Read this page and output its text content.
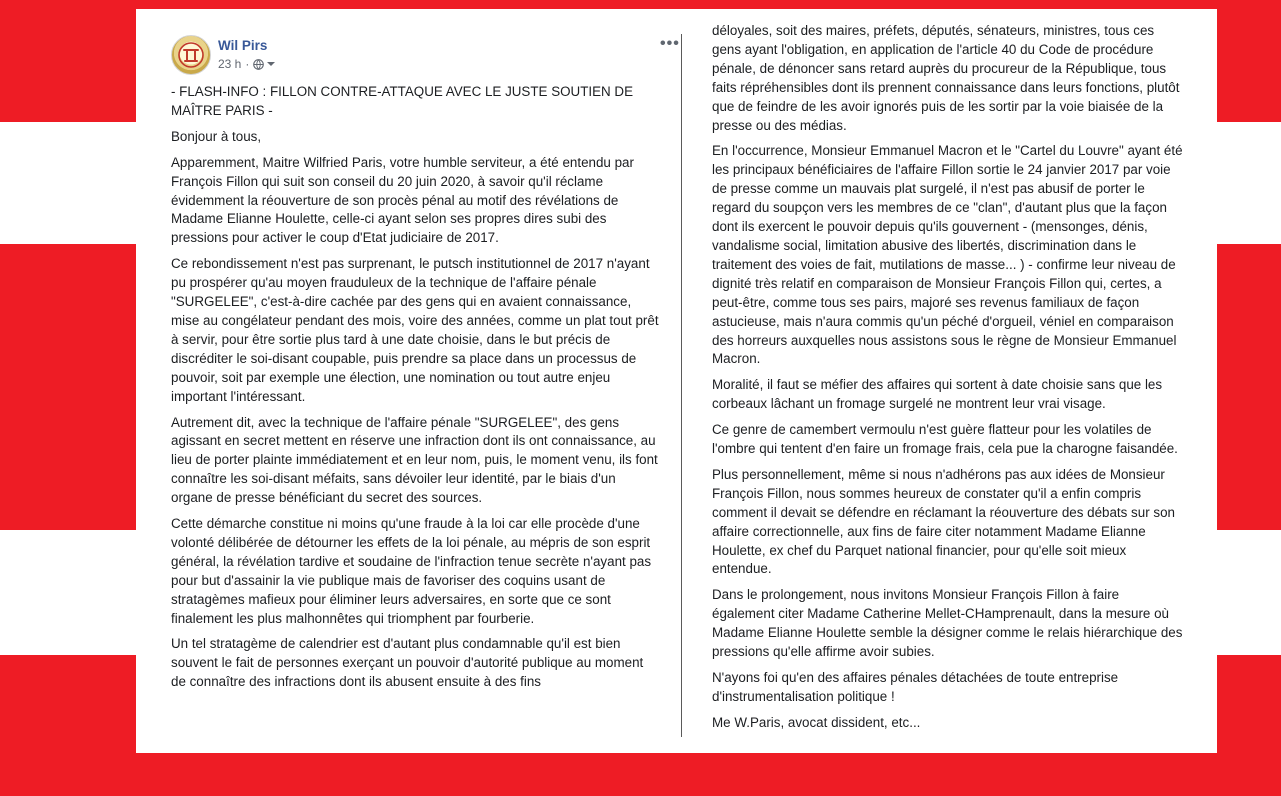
Wil Pirs
23 h ·
•••

- FLASH-INFO : FILLON CONTRE-ATTAQUE AVEC LE JUSTE SOUTIEN DE MAÎTRE PARIS -

Bonjour à tous,

Apparemment, Maitre Wilfried Paris, votre humble serviteur, a été entendu par François Fillon qui suit son conseil du 20 juin 2020, à savoir qu'il réclame évidemment la réouverture de son procès pénal au motif des révélations de Madame Elianne Houlette, celle-ci ayant selon ses propres dires subi des pressions pour activer le coup d'Etat judiciaire de 2017.

Ce rebondissement n'est pas surprenant, le putsch institutionnel de 2017 n'ayant pu prospérer qu'au moyen frauduleux de la technique de l'affaire pénale "SURGELEE", c'est-à-dire cachée par des gens qui en avaient connaissance, mise au congélateur pendant des mois, voire des années, comme un plat tout prêt à servir, pour être sortie plus tard à une date choisie, dans le but précis de discréditer le soi-disant coupable, puis prendre sa place dans un processus de pouvoir, soit par exemple une élection, une nomination ou tout autre enjeu important l'intéressant.

Autrement dit, avec la technique de l'affaire pénale "SURGELEE", des gens agissant en secret mettent en réserve une infraction dont ils ont connaissance, au lieu de porter plainte immédiatement et en leur nom, puis, le moment venu, ils font connaître les soi-disant méfaits, sans dévoiler leur identité, par le biais d'un organe de presse bénéficiant du secret des sources.

Cette démarche constitue ni moins qu'une fraude à la loi car elle procède d'une volonté délibérée de détourner les effets de la loi pénale, au mépris de son esprit général, la révélation tardive et soudaine de l'infraction tenue secrète n'ayant pas pour but d'assainir la vie publique mais de favoriser des coquins usant de stratagèmes mafieux pour éliminer leurs adversaires, en sorte que ce sont finalement les plus malhonnêtes qui triomphent par fourberie.

Un tel stratagème de calendrier est d'autant plus condamnable qu'il est bien souvent le fait de personnes exerçant un pouvoir d'autorité publique au moment de connaître des infractions dont ils abusent ensuite à des fins

déloyales, soit des maires, préfets, députés, sénateurs, ministres, tous ces gens ayant l'obligation, en application de l'article 40 du Code de procédure pénale, de dénoncer sans retard auprès du procureur de la République, tous faits répréhensibles dont ils prennent connaissance dans leurs fonctions, plutôt que de feindre de les avoir ignorés puis de les sortir par la voie biaisée de la presse ou des médias.

En l'occurrence, Monsieur Emmanuel Macron et le "Cartel du Louvre" ayant été les principaux bénéficiaires de l'affaire Fillon sortie le 24 janvier 2017 par voie de presse comme un mauvais plat surgelé, il n'est pas abusif de porter le regard du soupçon vers les membres de ce "clan", d'autant plus que la façon dont ils exercent le pouvoir depuis qu'ils gouvernent - (mensonges, dénis, vandalisme social, limitation abusive des libertés, discrimination dans le traitement des voies de fait, mutilations de masse... ) - confirme leur niveau de dignité très relatif en comparaison de Monsieur François Fillon qui, certes, a peut-être, comme tous ses pairs, majoré ses revenus familiaux de façon astucieuse, mais n'aura commis qu'un péché d'orgueil, véniel en comparaison des horreurs auxquelles nous assistons sous le règne de Monsieur Emmanuel Macron.

Moralité, il faut se méfier des affaires qui sortent à date choisie sans que les corbeaux lâchant un fromage surgelé ne montrent leur vrai visage.

Ce genre de camembert vermoulu n'est guère flatteur pour les volatiles de l'ombre qui tentent d'en faire un fromage frais, cela pue la charogne faisandée.

Plus personnellement, même si nous n'adhérons pas aux idées de Monsieur François Fillon, nous sommes heureux de constater qu'il a enfin compris comment il devait se défendre en réclamant la réouverture des débats sur son affaire correctionnelle, aux fins de faire citer notamment Madame Elianne Houlette, ex chef du Parquet national financier, pour qu'elle soit mieux entendue.

Dans le prolongement, nous invitons Monsieur François Fillon à faire également citer Madame Catherine Mellet-CHamprenault, dans la mesure où Madame Elianne Houlette semble la désigner comme le relais hiérarchique des pressions qu'elle affirme avoir subies.

N'ayons foi qu'en des affaires pénales détachées de toute entreprise d'instrumentalisation politique !

Me W.Paris, avocat dissident, etc...
